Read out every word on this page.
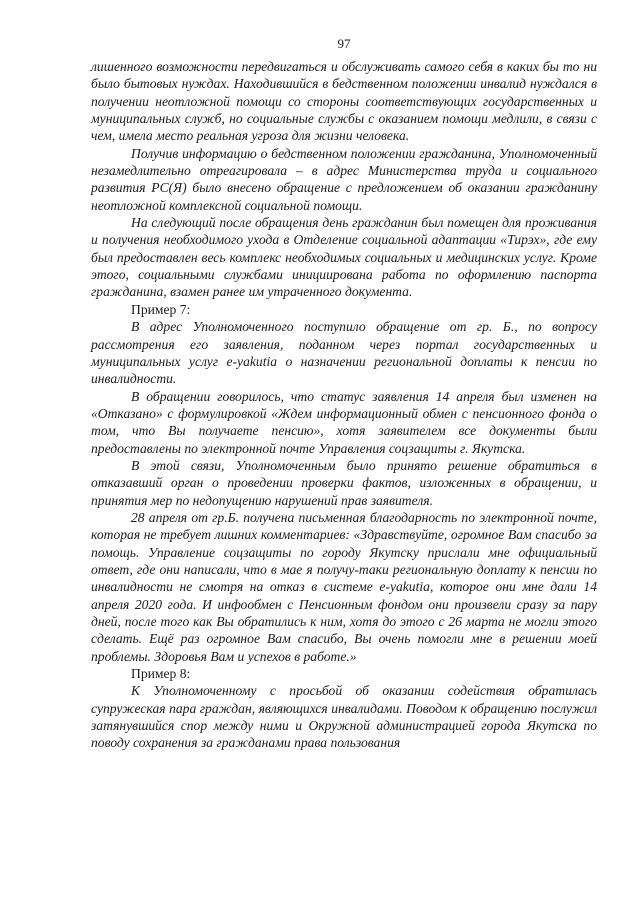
97

лишенного возможности передвигаться и обслуживать самого себя в каких бы то ни было бытовых нуждах. Находившийся в бедственном положении инвалид нуждался в получении неотложной помощи со стороны соответствующих государственных и муниципальных служб, но социальные службы с оказанием помощи медлили, в связи с чем, имела место реальная угроза для жизни человека.

Получив информацию о бедственном положении гражданина, Уполномоченный незамедлительно отреагировала – в адрес Министерства труда и социального развития РС(Я) было внесено обращение с предложением об оказании гражданину неотложной комплексной социальной помощи.

На следующий после обращения день гражданин был помещен для проживания и получения необходимого ухода в Отделение социальной адаптации «Тирэх», где ему был предоставлен весь комплекс необходимых социальных и медицинских услуг. Кроме этого, социальными службами инициирована работа по оформлению паспорта гражданина, взамен ранее им утраченного документа.

Пример 7:

В адрес Уполномоченного поступило обращение от гр. Б., по вопросу рассмотрения его заявления, поданном через портал государственных и муниципальных услуг e-yakutia о назначении региональной доплаты к пенсии по инвалидности.

В обращении говорилось, что статус заявления 14 апреля был изменен на «Отказано» с формулировкой «Ждем информационный обмен с пенсионного фонда о том, что Вы получаете пенсию», хотя заявителем все документы были предоставлены по электронной почте Управления соцзащиты г. Якутска.

В этой связи, Уполномоченным было принято решение обратиться в отказавший орган о проведении проверки фактов, изложенных в обращении, и принятия мер по недопущению нарушений прав заявителя.

28 апреля от гр.Б. получена письменная благодарность по электронной почте, которая не требует лишних комментариев: «Здравствуйте, огромное Вам спасибо за помощь. Управление соцзащиты по городу Якутску прислали мне официальный ответ, где они написали, что в мае я получу-таки региональную доплату к пенсии по инвалидности не смотря на отказ в системе e-yakutia, которое они мне дали 14 апреля 2020 года. И инфообмен с Пенсионным фондом они произвели сразу за пару дней, после того как Вы обратились к ним, хотя до этого с 26 марта не могли этого сделать. Ещё раз огромное Вам спасибо, Вы очень помогли мне в решении моей проблемы. Здоровья Вам и успехов в работе.»

Пример 8:

К Уполномоченному с просьбой об оказании содействия обратилась супружеская пара граждан, являющихся инвалидами. Поводом к обращению послужил затянувшийся спор между ними и Окружной администрацией города Якутска по поводу сохранения за гражданами права пользования
